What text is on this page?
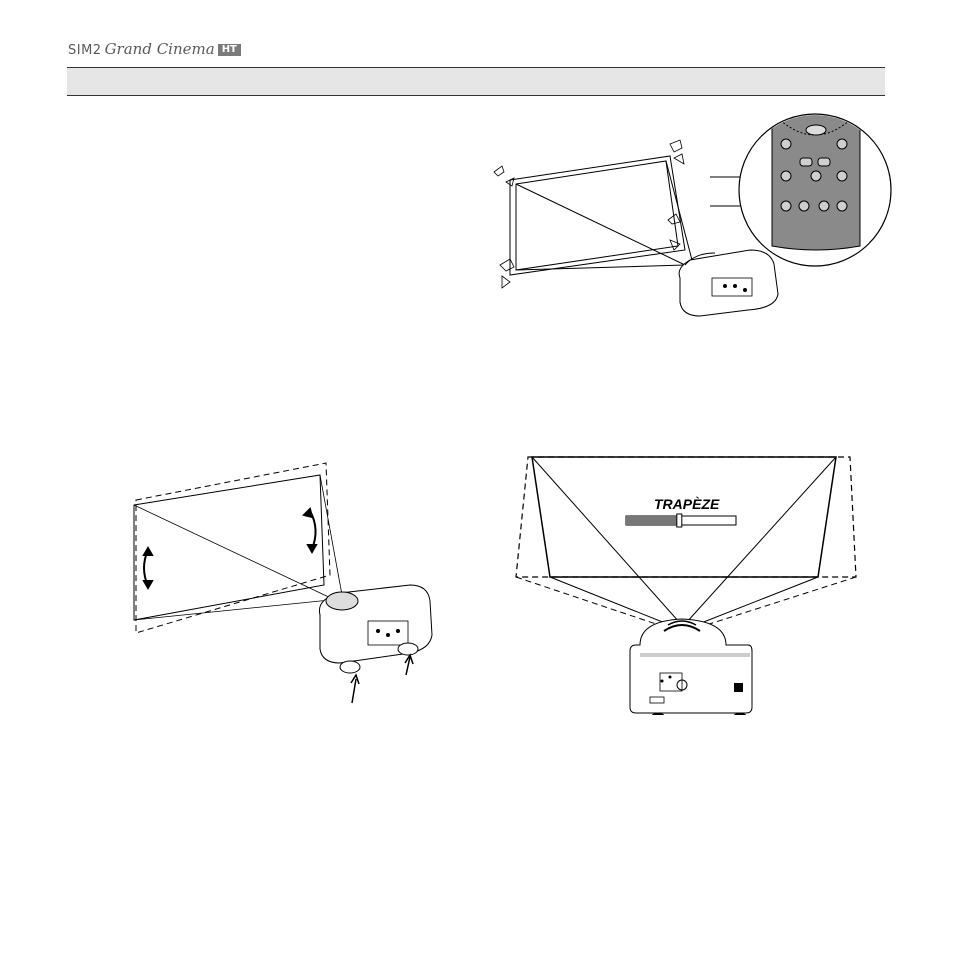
SIM2 Grand Cinema HT
TRAPÈZE
